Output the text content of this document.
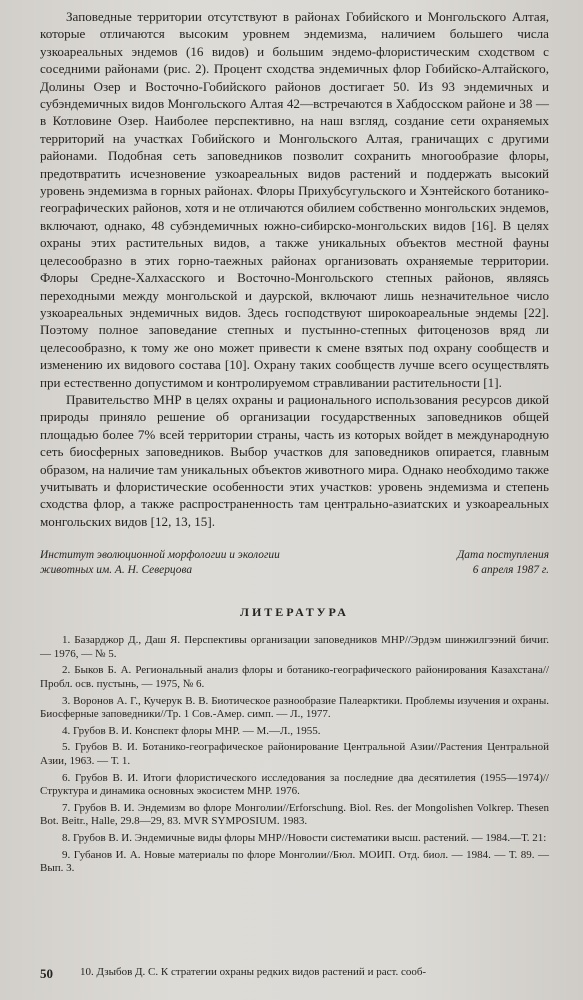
Заповедные территории отсутствуют в районах Гобийского и Монгольского Алтая, которые отличаются высоким уровнем эндемизма, наличием большего числа узкоареальных эндемов (16 видов) и большим эндемо-флористическим сходством с соседними районами (рис. 2). Процент сходства эндемичных флор Гобийско-Алтайского, Долины Озер и Восточно-Гобийского районов достигает 50. Из 93 эндемичных и субэндемичных видов Монгольского Алтая 42—встречаются в Хабдосском районе и 38 — в Котловине Озер. Наиболее перспективно, на наш взгляд, создание сети охраняемых территорий на участках Гобийского и Монгольского Алтая, граничащих с другими районами. Подобная сеть заповедников позволит сохранить многообразие флоры, предотвратить исчезновение узкоареальных видов растений и поддержать высокий уровень эндемизма в горных районах. Флоры Прихубсугульского и Хэнтейского ботанико-географических районов, хотя и не отличаются обилием собственно монгольских эндемов, включают, однако, 48 субэндемичных южно-сибирско-монгольских видов [16]. В целях охраны этих растительных видов, а также уникальных объектов местной фауны целесообразно в этих горно-таежных районах организовать охраняемые территории. Флоры Средне-Халхасского и Восточно-Монгольского степных районов, являясь переходными между монгольской и даурской, включают лишь незначительное число узкоареальных эндемичных видов. Здесь господствуют широкоареальные эндемы [22]. Поэтому полное заповедание степных и пустынно-степных фитоценозов вряд ли целесообразно, к тому же оно может привести к смене взятых под охрану сообществ и изменению их видового состава [10]. Охрану таких сообществ лучше всего осуществлять при естественно допустимом и контролируемом стравливании растительности [1].

Правительство МНР в целях охраны и рационального использования ресурсов дикой природы приняло решение об организации государственных заповедников общей площадью более 7% всей территории страны, часть из которых войдет в международную сеть биосферных заповедников. Выбор участков для заповедников опирается, главным образом, на наличие там уникальных объектов животного мира. Однако необходимо также учитывать и флористические особенности этих участков: уровень эндемизма и степень сходства флор, а также распространенность там центрально-азиатских и узкоареальных монгольских видов [12, 13, 15].

Институт эволюционной морфологии и экологии животных им. А. Н. Северцова
Дата поступления
6 апреля 1987 г.
ЛИТЕРАТУРА
1. Базарджор Д., Даш Я. Перспективы организации заповедников МНР//Эрдэм шинжилгээний бичиг. — 1976, — № 5.
2. Быков Б. А. Региональный анализ флоры и ботанико-географического районирования Казахстана//Пробл. осв. пустынь, — 1975, № 6.
3. Воронов А. Г., Кучерук В. В. Биотическое разнообразие Палеарктики. Проблемы изучения и охраны. Биосферные заповедники//Тр. 1 Сов.-Амер. симп. — Л., 1977.
4. Грубов В. И. Конспект флоры МНР. — М.—Л., 1955.
5. Грубов В. И. Ботанико-географическое районирование Центральной Азии//Растения Центральной Азии, 1963. — Т. 1.
6. Грубов В. И. Итоги флористического исследования за последние два десятилетия (1955—1974)//Структура и динамика основных экосистем МНР. 1976.
7. Грубов В. И. Эндемизм во флоре Монголии//Erforschung. Biol. Res. der Mongolishen Volkrep. Thesen Bot. Beitr., Halle, 29.8—29, 83. MVR SYMPOSIUM. 1983.
8. Грубов В. И. Эндемичные виды флоры МНР//Новости систематики высш. растений. — 1984.—Т. 21:
9. Губанов И. А. Новые материалы по флоре Монголии//Бюл. МОИП. Отд. биол. — 1984. — Т. 89. — Вып. 3.
50	10. Дзыбов Д. С. К стратегии охраны редких видов растений и раст. сооб-
